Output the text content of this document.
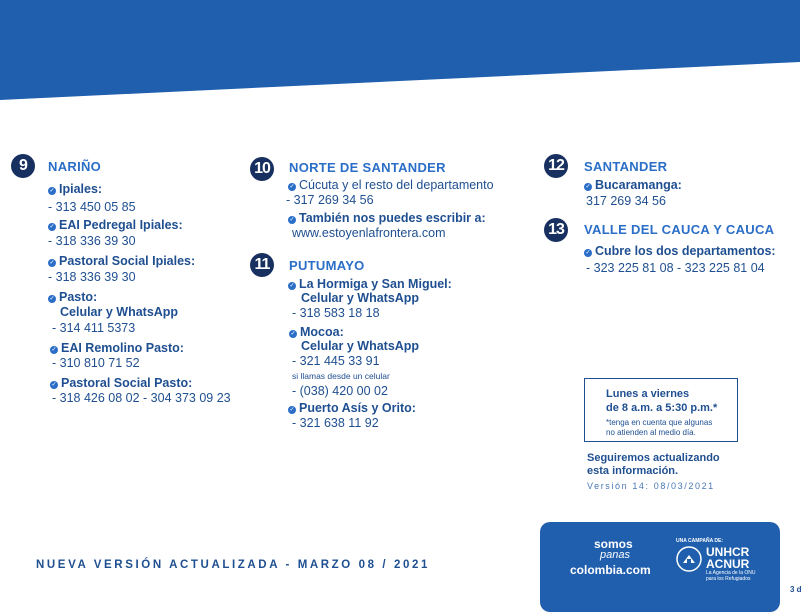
9	NARIÑO
✓ Ipiales:
- 313 450 05 85
✓ EAI Pedregal Ipiales:
- 318 336 39 30
✓ Pastoral Social Ipiales:
- 318 336 39 30
✓ Pasto:
Celular y WhatsApp
- 314 411 5373
✓ EAI Remolino Pasto:
- 310 810 71 52
✓ Pastoral Social Pasto:
- 318 426 08 02 - 304 373 09 23
10	NORTE DE SANTANDER
✓ Cúcuta y el resto del departamento
- 317 269 34 56
✓ También nos puedes escribir a:
www.estoyenlafrontera.com
11	PUTUMAYO
✓ La Hormiga y San Miguel:
Celular y WhatsApp
- 318 583 18 18
✓ Mocoa:
Celular y WhatsApp
- 321 445 33 91
si llamas desde un celular
- (038) 420 00 02
✓ Puerto Asís y Orito:
- 321 638 11 92
12	SANTANDER
✓ Bucaramanga:
317 269 34 56
13	VALLE DEL CAUCA Y CAUCA
✓ Cubre los dos departamentos:
- 323 225 81 08 - 323 225 81 04
Lunes a viernes
de 8 a.m. a 5:30 p.m.*
*tenga en cuenta que algunas
no atienden al medio día.
Seguiremos actualizando
esta información.
Versión 14: 08/03/2021
NUEVA VERSIÓN ACTUALIZADA - MARZO 08 / 2021
somos
panas
colombia.com
UNA CAMPAÑA DE:
UNHCR
ACNUR
La Agencia de la ONU
para los Refugiados
3 d
